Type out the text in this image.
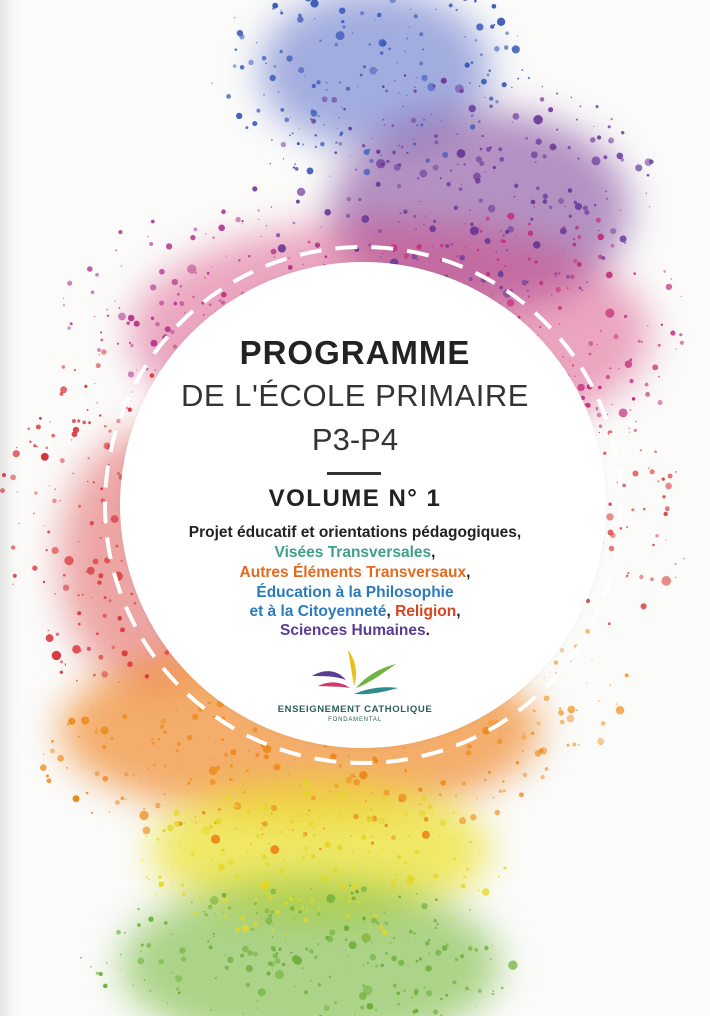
PROGRAMME
DE L'ÉCOLE PRIMAIRE
P3-P4
VOLUME N° 1
Projet éducatif et orientations pédagogiques,
Visées Transversales,
Autres Éléments Transversaux,
Éducation à la Philosophie
et à la Citoyenneté, Religion,
Sciences Humaines.
ENSEIGNEMENT CATHOLIQUE
FONDAMENTAL
